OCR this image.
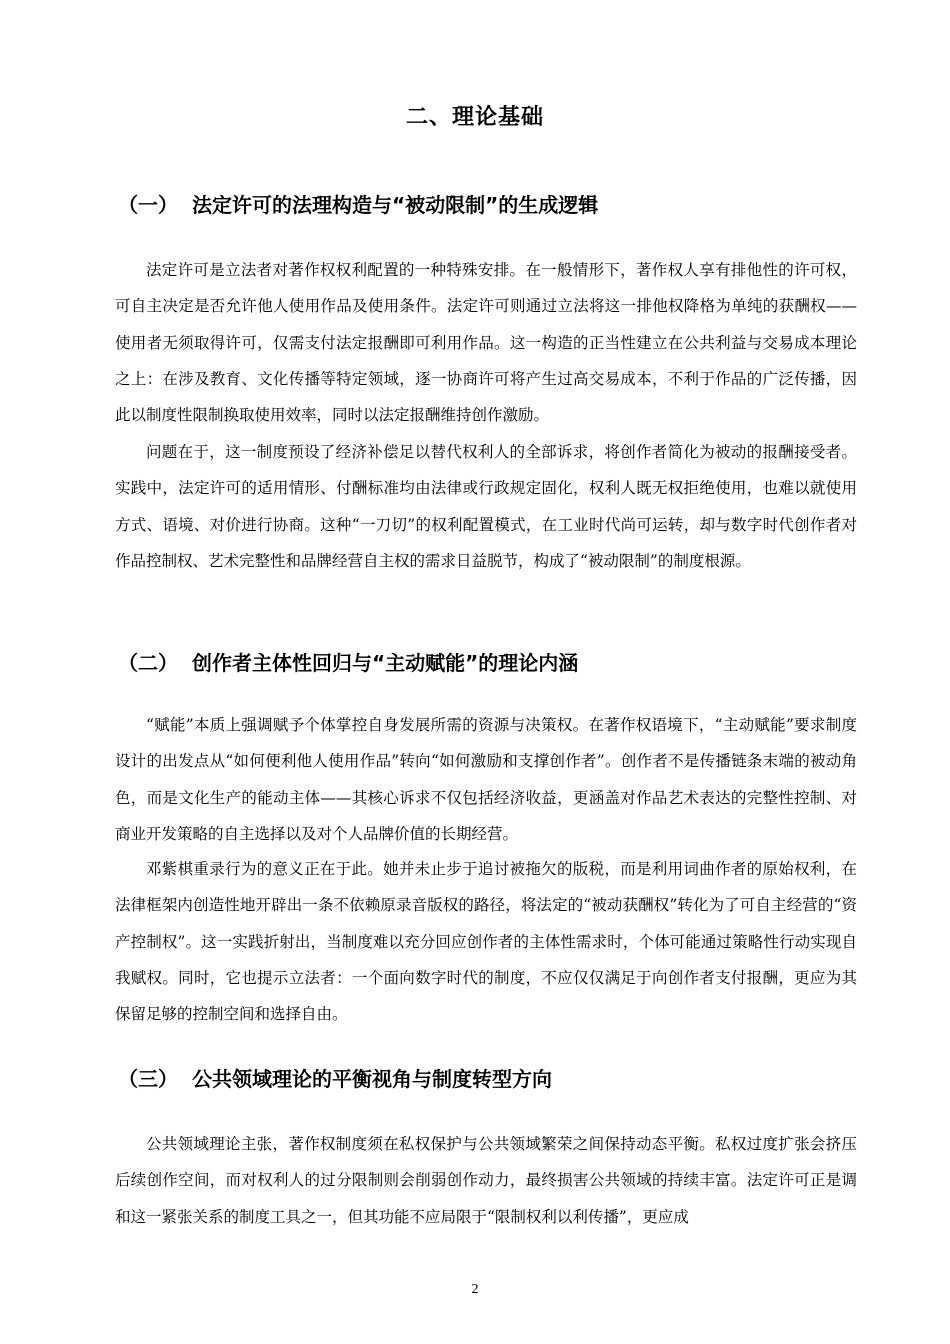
二、理论基础
（一） 法定许可的法理构造与“被动限制”的生成逻辑

法定许可是立法者对著作权权利配置的一种特殊安排。在一般情形下，著作权人享有排他性的许可权，可自主决定是否允许他人使用作品及使用条件。法定许可则通过立法将这一排他权降格为单纯的获酬权——使用者无须取得许可，仅需支付法定报酬即可利用作品。这一构造的正当性建立在公共利益与交易成本理论之上：在涉及教育、文化传播等特定领域，逐一协商许可将产生过高交易成本，不利于作品的广泛传播，因此以制度性限制换取使用效率，同时以法定报酬维持创作激励。

问题在于，这一制度预设了经济补偿足以替代权利人的全部诉求，将创作者简化为被动的报酬接受者。实践中，法定许可的适用情形、付酬标准均由法律或行政规定固化，权利人既无权拒绝使用，也难以就使用方式、语境、对价进行协商。这种“一刀切”的权利配置模式，在工业时代尚可运转，却与数字时代创作者对作品控制权、艺术完整性和品牌经营自主权的需求日益脱节，构成了“被动限制”的制度根源。

（二） 创作者主体性回归与“主动赋能”的理论内涵

“赋能”本质上强调赋予个体掌控自身发展所需的资源与决策权。在著作权语境下，“主动赋能”要求制度设计的出发点从“如何便利他人使用作品”转向“如何激励和支撑创作者”。创作者不是传播链条末端的被动角色，而是文化生产的能动主体——其核心诉求不仅包括经济收益，更涵盖对作品艺术表达的完整性控制、对商业开发策略的自主选择以及对个人品牌价值的长期经营。

邓紫棋重录行为的意义正在于此。她并未止步于追讨被拖欠的版税，而是利用词曲作者的原始权利，在法律框架内创造性地开辟出一条不依赖原录音版权的路径，将法定的“被动获酬权”转化为了可自主经营的“资产控制权”。这一实践折射出，当制度难以充分回应创作者的主体性需求时，个体可能通过策略性行动实现自我赋权。同时，它也提示立法者：一个面向数字时代的制度，不应仅仅满足于向创作者支付报酬，更应为其保留足够的控制空间和选择自由。

（三） 公共领域理论的平衡视角与制度转型方向

公共领域理论主张，著作权制度须在私权保护与公共领域繁荣之间保持动态平衡。私权过度扩张会挤压后续创作空间，而对权利人的过分限制则会削弱创作动力，最终损害公共领域的持续丰富。法定许可正是调和这一紧张关系的制度工具之一，但其功能不应局限于“限制权利以利传播”，更应成

2
